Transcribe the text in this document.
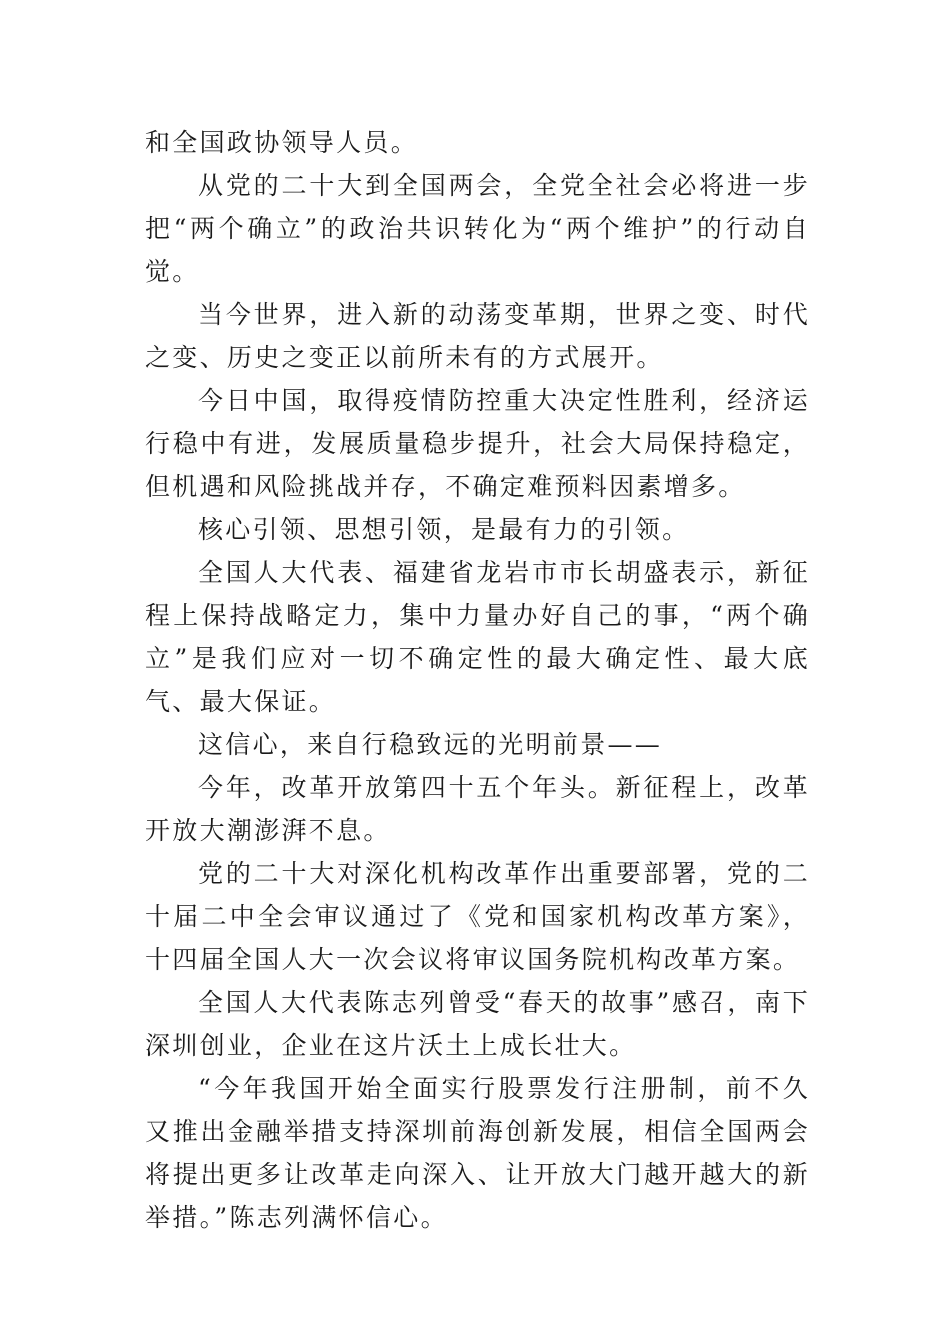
和全国政协领导人员。

从党的二十大到全国两会，全党全社会必将进一步把“两个确立”的政治共识转化为“两个维护”的行动自觉。

当今世界，进入新的动荡变革期，世界之变、时代之变、历史之变正以前所未有的方式展开。

今日中国，取得疫情防控重大决定性胜利，经济运行稳中有进，发展质量稳步提升，社会大局保持稳定，但机遇和风险挑战并存，不确定难预料因素增多。

核心引领、思想引领，是最有力的引领。

全国人大代表、福建省龙岩市市长胡盛表示，新征程上保持战略定力，集中力量办好自己的事，“两个确立”是我们应对一切不确定性的最大确定性、最大底气、最大保证。

这信心，来自行稳致远的光明前景——

今年，改革开放第四十五个年头。新征程上，改革开放大潮澎湃不息。

党的二十大对深化机构改革作出重要部署，党的二十届二中全会审议通过了《党和国家机构改革方案》，十四届全国人大一次会议将审议国务院机构改革方案。

全国人大代表陈志列曾受“春天的故事”感召，南下深圳创业，企业在这片沃土上成长壮大。

“今年我国开始全面实行股票发行注册制，前不久又推出金融举措支持深圳前海创新发展，相信全国两会将提出更多让改革走向深入、让开放大门越开越大的新举措。”陈志列满怀信心。
